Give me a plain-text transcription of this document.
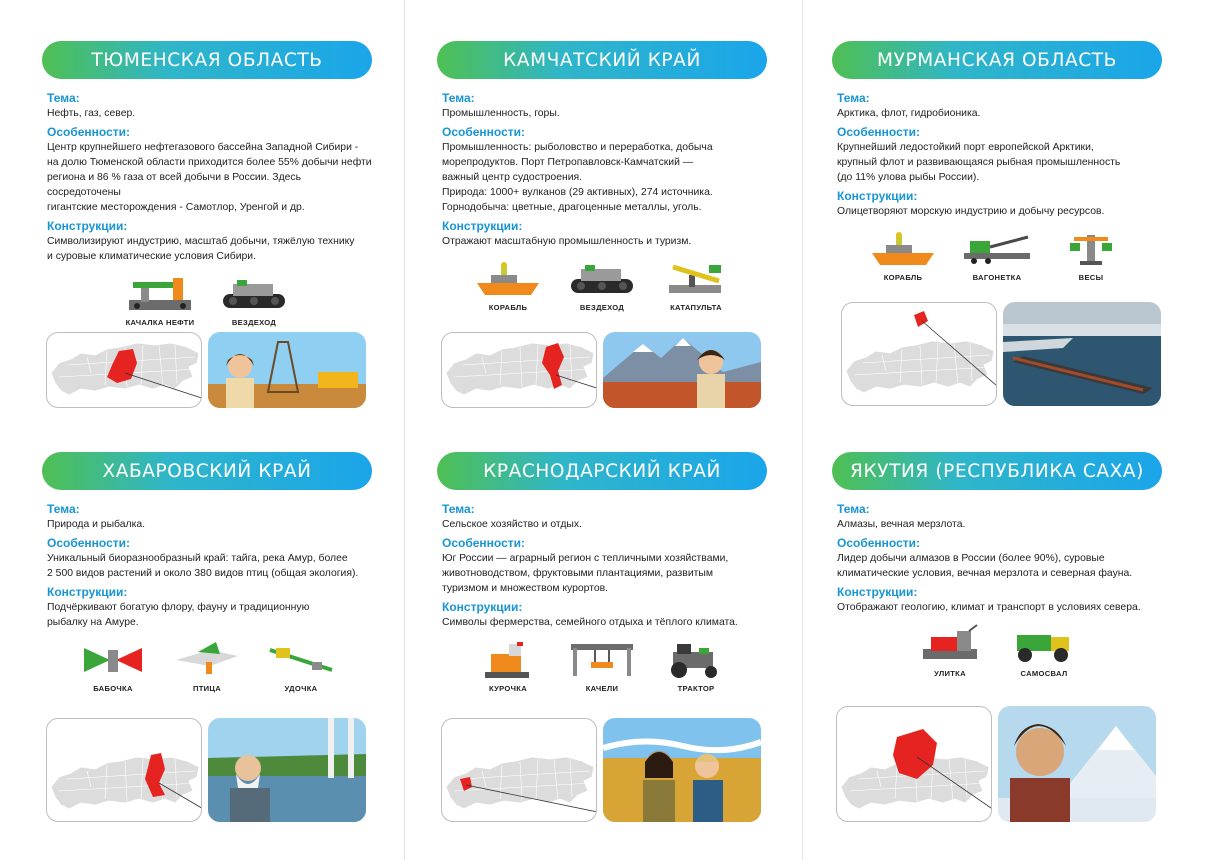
ТЮМЕНСКАЯ ОБЛАСТЬ
Тема:
Нефть, газ, север.
Особенности:
Центр крупнейшего нефтегазового бассейна Западной Сибири -
на долю Тюменской области приходится более 55% добычи нефти
региона и 86 % газа от всей добычи в России. Здесь сосредоточены
гигантские месторождения - Самотлор, Уренгой и др.
Конструкции:
Символизируют индустрию, масштаб добычи, тяжёлую технику
и суровые климатические условия Сибири.
КАЧАЛКА НЕФТИ	ВЕЗДЕХОД
КАМЧАТСКИЙ КРАЙ
Тема:
Промышленность, горы.
Особенности:
Промышленность: рыболовство и переработка, добыча
морепродуктов. Порт Петропавловск-Камчатский —
важный центр судостроения.
Природа: 1000+ вулканов (29 активных), 274 источника.
Горнодобыча: цветные, драгоценные металлы, уголь.
Конструкции:
Отражают масштабную промышленность и туризм.
КОРАБЛЬ	ВЕЗДЕХОД	КАТАПУЛЬТА
МУРМАНСКАЯ ОБЛАСТЬ
Тема:
Арктика, флот, гидробионика.
Особенности:
Крупнейший ледостойкий порт европейской Арктики,
крупный флот и развивающаяся рыбная промышленность
(до 11% улова рыбы России).
Конструкции:
Олицетворяют морскую индустрию и добычу ресурсов.
КОРАБЛЬ	ВАГОНЕТКА	ВЕСЫ
ХАБАРОВСКИЙ КРАЙ
Тема:
Природа и рыбалка.
Особенности:
Уникальный биоразнообразный край: тайга, река Амур, более
2 500 видов растений и около 380 видов птиц (общая экология).
Конструкции:
Подчёркивают богатую флору, фауну и традиционную
рыбалку на Амуре.
БАБОЧКА	ПТИЦА	УДОЧКА
КРАСНОДАРСКИЙ КРАЙ
Тема:
Сельское хозяйство и отдых.
Особенности:
Юг России — аграрный регион с тепличными хозяйствами,
животноводством, фруктовыми плантациями, развитым
туризмом и множеством курортов.
Конструкции:
Символы фермерства, семейного отдыха и тёплого климата.
КУРОЧКА	КАЧЕЛИ	ТРАКТОР
ЯКУТИЯ (РЕСПУБЛИКА САХА)
Тема:
Алмазы, вечная мерзлота.
Особенности:
Лидер добычи алмазов в России (более 90%), суровые
климатические условия, вечная мерзлота и северная фауна.
Конструкции:
Отображают геологию, климат и транспорт в условиях севера.
УЛИТКА	САМОСВАЛ
